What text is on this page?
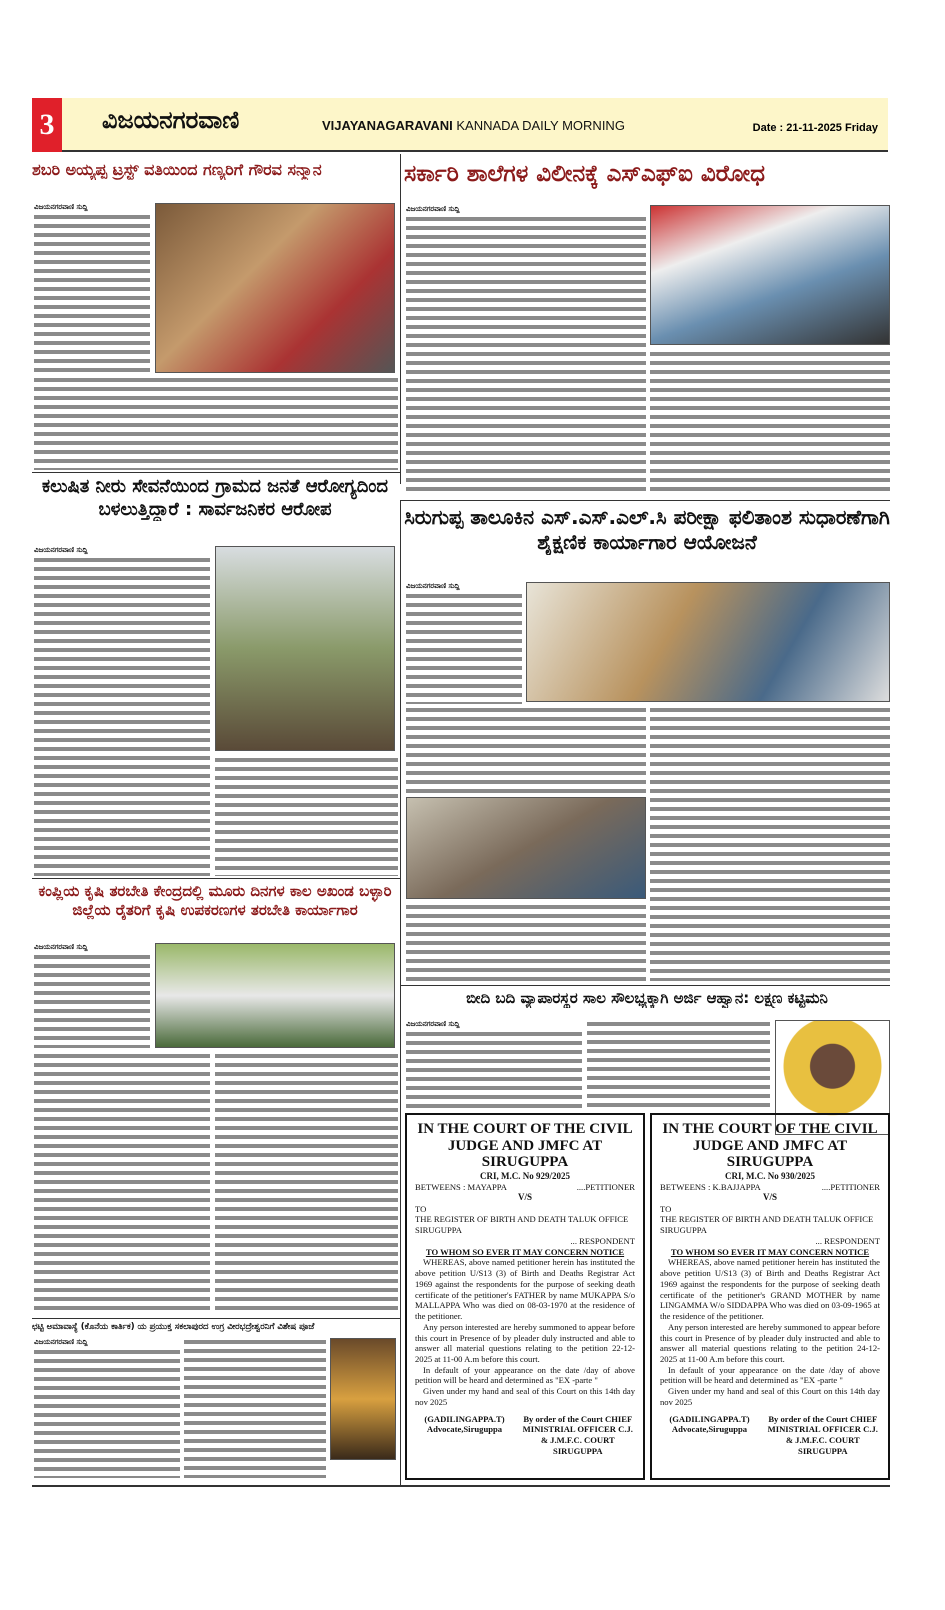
3	ವಿಜಯನಗರವಾಣಿ	VIJAYANAGARAVANI KANNADA DAILY MORNING	Date : 21-11-2025 Friday
ಶಬರಿ ಅಯ್ಯಪ್ಪ ಟ್ರಸ್ಟ್ ವತಿಯಿಂದ ಗಣ್ಯರಿಗೆ ಗೌರವ ಸನ್ಮಾನ
ವಿಜಯನಗರವಾಣಿ ಸುದ್ದಿ
ಸರ್ಕಾರಿ ಶಾಲೆಗಳ ವಿಲೀನಕ್ಕೆ ಎಸ್‌ಎಫ್‌ಐ ವಿರೋಧ
ವಿಜಯನಗರವಾಣಿ ಸುದ್ದಿ
ಕಲುಷಿತ ನೀರು ಸೇವನೆಯಿಂದ ಗ್ರಾಮದ ಜನತೆ ಆರೋಗ್ಯದಿಂದ ಬಳಲುತ್ತಿದ್ದಾರೆ : ಸಾರ್ವಜನಿಕರ ಆರೋಪ
ವಿಜಯನಗರವಾಣಿ ಸುದ್ದಿ
ಸಿರುಗುಪ್ಪ ತಾಲೂಕಿನ ಎಸ್.ಎಸ್.ಎಲ್.ಸಿ ಪರೀಕ್ಷಾ ಫಲಿತಾಂಶ ಸುಧಾರಣೆಗಾಗಿ ಶೈಕ್ಷಣಿಕ ಕಾರ್ಯಾಗಾರ ಆಯೋಜನೆ
ವಿಜಯನಗರವಾಣಿ ಸುದ್ದಿ
ಕಂಪ್ಲಿಯ ಕೃಷಿ ತರಬೇತಿ ಕೇಂದ್ರದಲ್ಲಿ ಮೂರು ದಿನಗಳ ಕಾಲ ಅಖಂಡ ಬಳ್ಳಾರಿ ಜಿಲ್ಲೆಯ ರೈತರಿಗೆ ಕೃಷಿ ಉಪಕರಣಗಳ ತರಬೇತಿ ಕಾರ್ಯಾಗಾರ
ವಿಜಯನಗರವಾಣಿ ಸುದ್ದಿ
ಛಟ್ಟಿ ಅಮಾವಾಸ್ಯೆ (ಕೊನೆಯ ಕಾರ್ತಿಕ) ಯ ಪ್ರಯುಕ್ತ ಸಕಲಾಪುರದ ಉಗ್ರ ವೀರಭದ್ರೇಶ್ವರನಿಗೆ ವಿಶೇಷ ಪೂಜೆ
ವಿಜಯನಗರವಾಣಿ ಸುದ್ದಿ
ಬೀದಿ ಬದಿ ವ್ಯಾಪಾರಸ್ಥರ ಸಾಲ ಸೌಲಭ್ಯಕ್ಕಾಗಿ ಅರ್ಜಿ ಆಹ್ವಾನ: ಲಕ್ಷ್ಮಣ ಕಟ್ಟಿಮನಿ
ವಿಜಯನಗರವಾಣಿ ಸುದ್ದಿ
IN THE COURT OF THE CIVIL JUDGE AND JMFC AT SIRUGUPPA
CRI, M.C. No 929/2025
BETWEENS : MAYAPPA	....PETITIONER
V/S
TO
THE REGISTER OF BIRTH AND DEATH TALUK OFFICE SIRUGUPPA
... RESPONDENT
TO WHOM SO EVER IT MAY CONCERN NOTICE

WHEREAS, above named petitioner herein has instituted the above petition U/S13 (3) of Birth and Deaths Registrar Act 1969 against the respondents for the purpose of seeking death certificate of the petitioner's FATHER by name MUKAPPA S/o MALLAPPA Who was died on 08-03-1970 at the residence of the petitioner.

Any person interested are hereby summoned to appear before this court in Presence of by pleader duly instructed and able to answer all material questions relating to the petition 22-12-2025 at 11-00 A.m before this court.

In default of your appearance on the date /day of above petition will be heard and determined as "EX -parte "

Given under my hand and seal of this Court on this 14th day nov 2025

(GADILINGAPPA.T) Advocate,Siruguppa
By order of the Court CHIEF MINISTRIAL OFFICER C.J. & J.M.F.C. COURT SIRUGUPPA
IN THE COURT OF THE CIVIL JUDGE AND JMFC AT SIRUGUPPA
CRI, M.C. No 930/2025
BETWEENS : K.BAJJAPPA	....PETITIONER
V/S
TO
THE REGISTER OF BIRTH AND DEATH TALUK OFFICE SIRUGUPPA
... RESPONDENT
TO WHOM SO EVER IT MAY CONCERN NOTICE

WHEREAS, above named petitioner herein has instituted the above petition U/S13 (3) of Birth and Deaths Registrar Act 1969 against the respondents for the purpose of seeking death certificate of the petitioner's GRAND MOTHER by name LINGAMMA W/o SIDDAPPA Who was died on 03-09-1965 at the residence of the petitioner.

Any person interested are hereby summoned to appear before this court in Presence of by pleader duly instructed and able to answer all material questions relating to the petition 24-12-2025 at 11-00 A.m before this court.

In default of your appearance on the date /day of above petition will be heard and determined as "EX -parte "

Given under my hand and seal of this Court on this 14th day nov 2025

(GADILINGAPPA.T) Advocate,Siruguppa
By order of the Court CHIEF MINISTRIAL OFFICER C.J. & J.M.F.C. COURT SIRUGUPPA
